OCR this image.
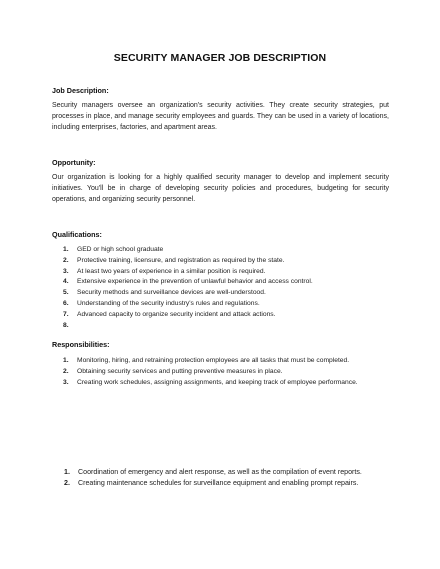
SECURITY MANAGER JOB DESCRIPTION
Job Description:
Security managers oversee an organization's security activities. They create security strategies, put processes in place, and manage security employees and guards. They can be used in a variety of locations, including enterprises, factories, and apartment areas.
Opportunity:
Our organization is looking for a highly qualified security manager to develop and implement security initiatives. You'll be in charge of developing security policies and procedures, budgeting for security operations, and organizing security personnel.
Qualifications:
1.	GED or high school graduate
2.	Protective training, licensure, and registration as required by the state.
3.	At least two years of experience in a similar position is required.
4.	Extensive experience in the prevention of unlawful behavior and access control.
5.	Security methods and surveillance devices are well-understood.
6.	Understanding of the security industry's rules and regulations.
7.	Advanced capacity to organize security incident and attack actions.
8.
Responsibilities:
1.	Monitoring, hiring, and retraining protection employees are all tasks that must be completed.
2.	Obtaining security services and putting preventive measures in place.
3.	Creating work schedules, assigning assignments, and keeping track of employee performance.
1.	Coordination of emergency and alert response, as well as the compilation of event reports.
2.	Creating maintenance schedules for surveillance equipment and enabling prompt repairs.
